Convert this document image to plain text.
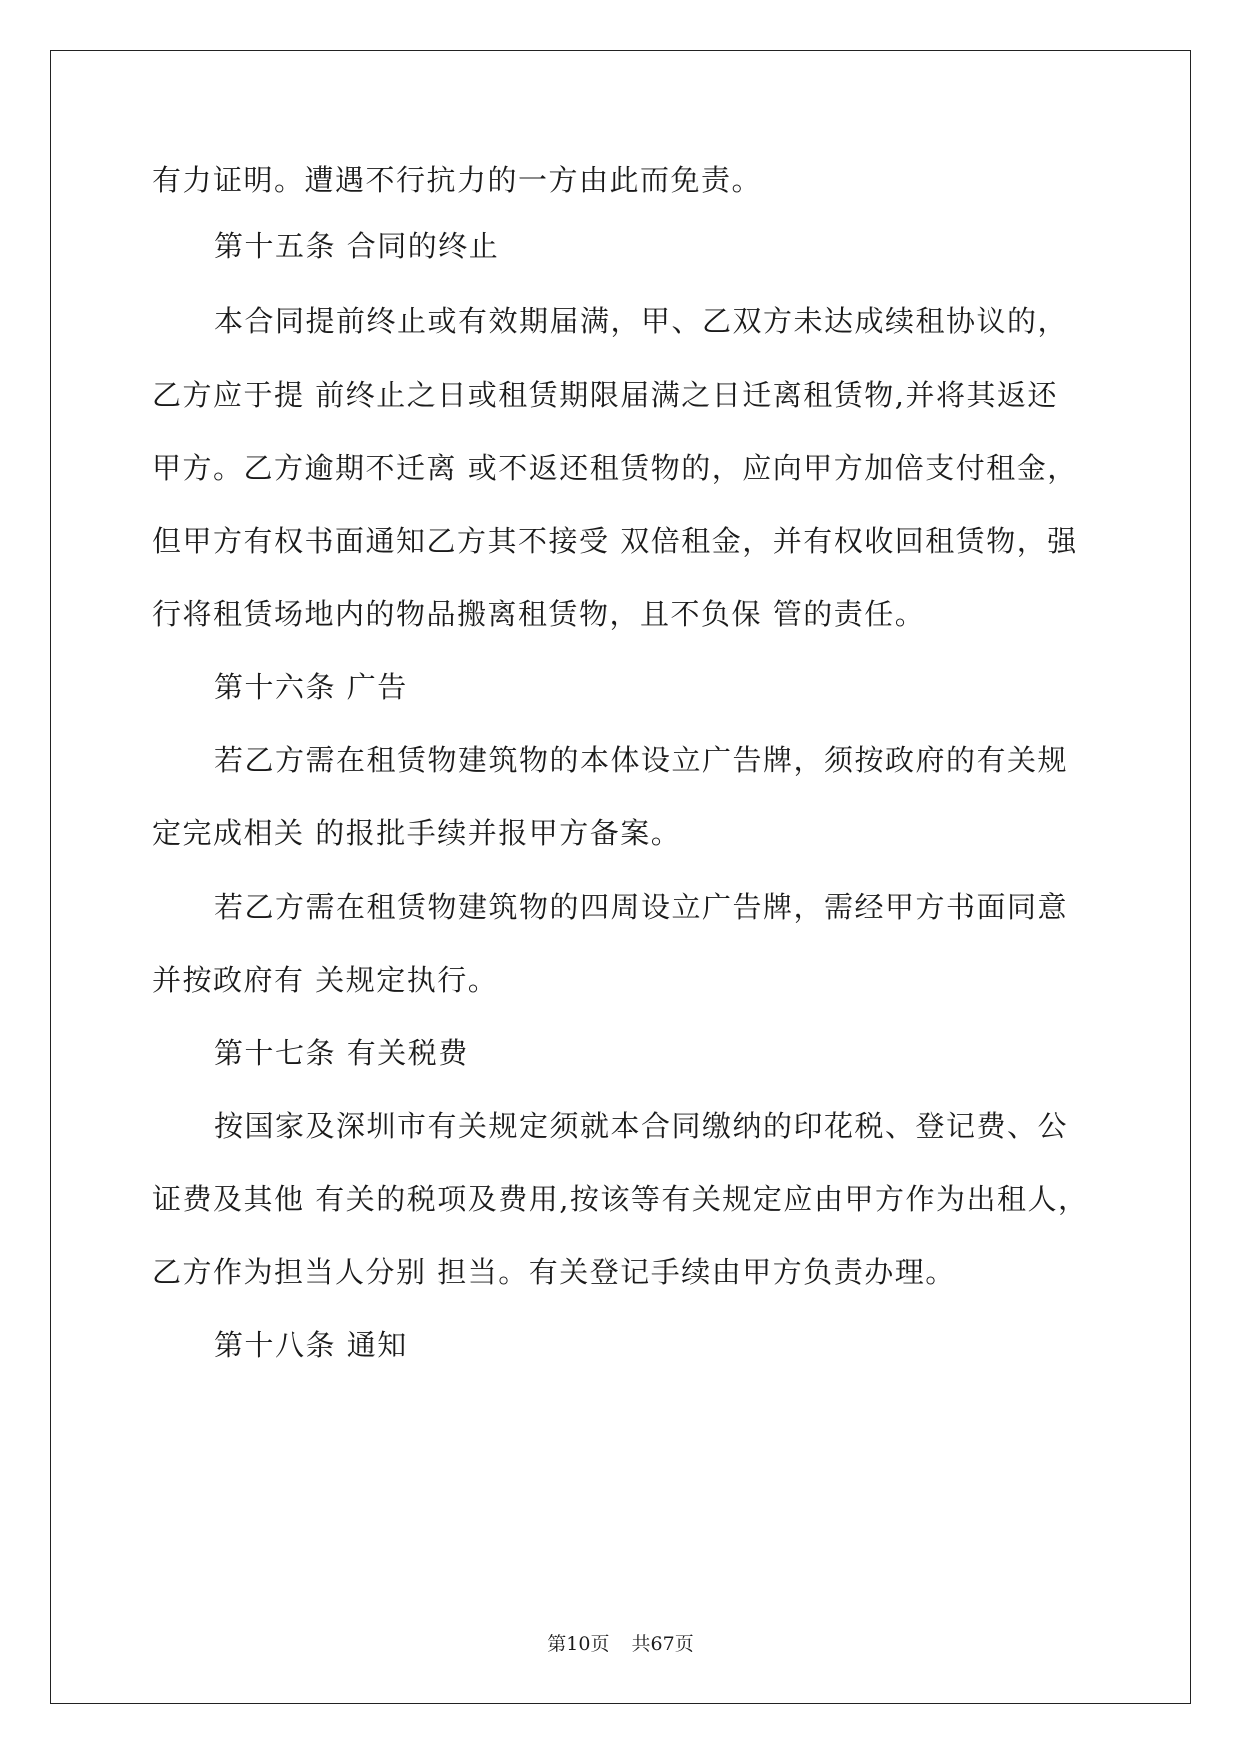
有力证明。遭遇不行抗力的一方由此而免责。
第十五条 合同的终止
本合同提前终止或有效期届满，甲、乙双方未达成续租协议的，
乙方应于提 前终止之日或租赁期限届满之日迁离租赁物,并将其返还
甲方。乙方逾期不迁离 或不返还租赁物的，应向甲方加倍支付租金，
但甲方有权书面通知乙方其不接受 双倍租金，并有权收回租赁物，强
行将租赁场地内的物品搬离租赁物，且不负保 管的责任。
第十六条 广告
若乙方需在租赁物建筑物的本体设立广告牌，须按政府的有关规
定完成相关 的报批手续并报甲方备案。
若乙方需在租赁物建筑物的四周设立广告牌，需经甲方书面同意
并按政府有 关规定执行。
第十七条 有关税费
按国家及深圳市有关规定须就本合同缴纳的印花税、登记费、公
证费及其他 有关的税项及费用,按该等有关规定应由甲方作为出租人，
乙方作为担当人分别 担当。有关登记手续由甲方负责办理。
第十八条 通知
第10页 共67页
